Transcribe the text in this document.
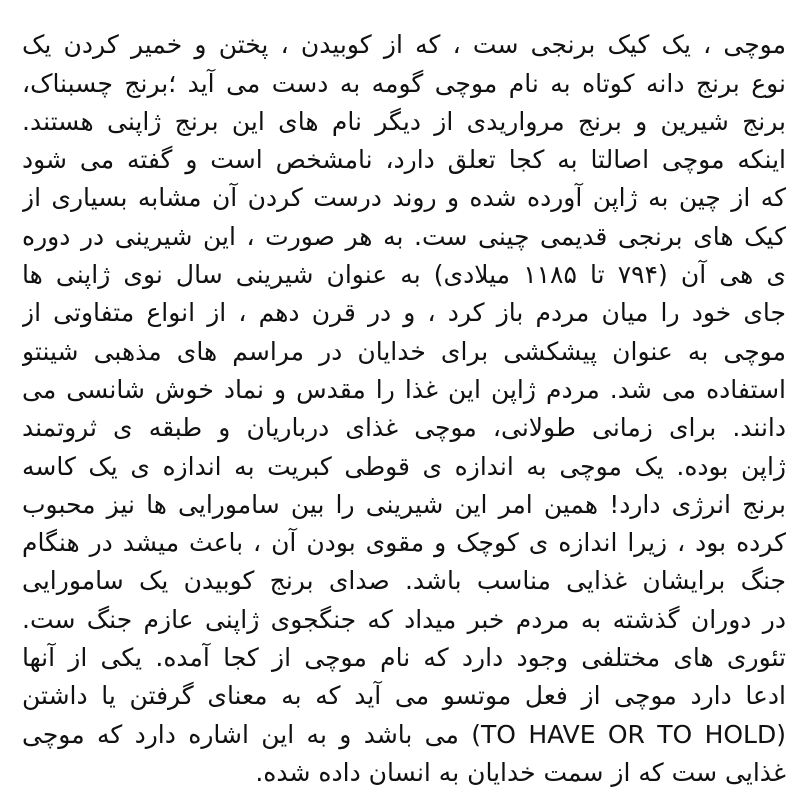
موچی ، یک کیک برنجی ست ، که از کوبیدن ، پختن و خمیر کردن یک
نوع برنج دانه کوتاه به نام موچی گومه به دست می آید ؛برنج چسبناک،
برنج شیرین و برنج مرواریدی از دیگر نام های این برنج ژاپنی هستند.
اینکه موچی اصالتا به کجا تعلق دارد، نامشخص است و گفته می شود
که از چین به ژاپن آورده شده و روند درست کردن آن مشابه بسیاری از
کیک های برنجی قدیمی چینی ست. به هر صورت ، این شیرینی در دوره
ی هی آن (۷۹۴ تا ۱۱۸۵ میلادی) به عنوان شیرینی سال نوی ژاپنی ها
جای خود را میان مردم باز کرد ، و در قرن دهم ، از انواع متفاوتی از
موچی به عنوان پیشکشی برای خدایان در مراسم های مذهبی شینتو
استفاده می شد. مردم ژاپن این غذا را مقدس و نماد خوش شانسی می
دانند. برای زمانی طولانی، موچی غذای درباریان و طبقه ی ثروتمند
ژاپن بوده. یک موچی به اندازه ی قوطی کبریت به اندازه ی یک کاسه
برنج انرژی دارد! همین امر این شیرینی را بین سامورایی ها نیز محبوب
کرده بود ، زیرا اندازه ی کوچک و مقوی بودن آن ، باعث میشد در هنگام
جنگ برایشان غذایی مناسب باشد. صدای برنج کوبیدن یک سامورایی
در دوران گذشته به مردم خبر میداد که جنگجوی ژاپنی عازم جنگ ست.
تئوری های مختلفی وجود دارد که نام موچی از کجا آمده. یکی از آنها
ادعا دارد موچی از فعل موتسو می آید که به معنای گرفتن یا داشتن
(TO HAVE OR TO HOLD) می باشد و به این اشاره دارد که موچی
غذایی ست که از سمت خدایان به انسان داده شده.
